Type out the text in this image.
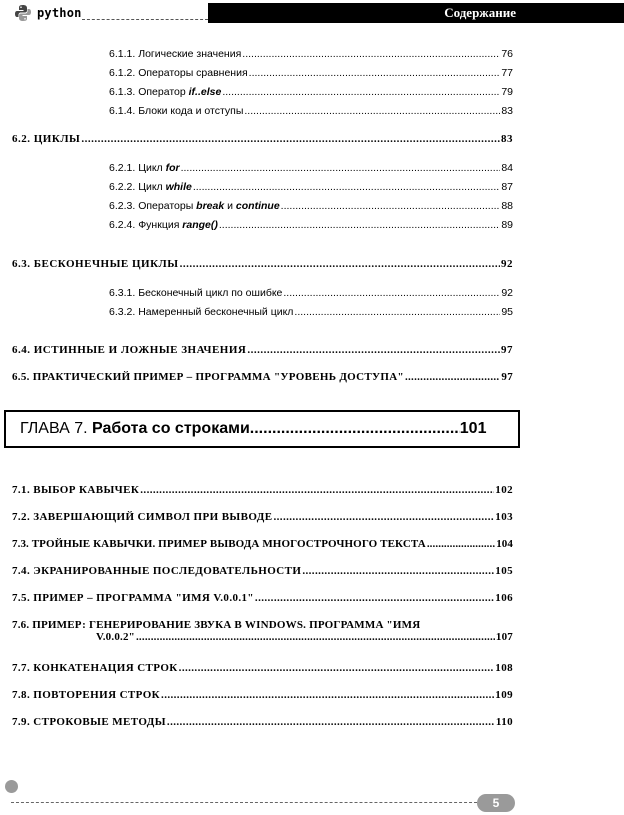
python	Содержание
6.1.1. Логические значения .....	76
6.1.2. Операторы сравнения .....	77
6.1.3. Оператор if..else .....	79
6.1.4. Блоки кода и отступы .....	83
6.2. ЦИКЛЫ .....	83
6.2.1. Цикл for .....	84
6.2.2. Цикл while .....	87
6.2.3. Операторы break и continue .....	88
6.2.4. Функция range() .....	89
6.3. БЕСКОНЕЧНЫЕ ЦИКЛЫ .....	92
6.3.1. Бесконечный цикл по ошибке .....	92
6.3.2. Намеренный бесконечный цикл .....	95
6.4. ИСТИННЫЕ И ЛОЖНЫЕ ЗНАЧЕНИЯ .....	97
6.5. ПРАКТИЧЕСКИЙ ПРИМЕР – ПРОГРАММА "УРОВЕНЬ ДОСТУПА" .....	97
ГЛАВА 7.
Работа со строками .....	101
7.1. ВЫБОР КАВЫЧЕК .....	102
7.2. ЗАВЕРШАЮЩИЙ СИМВОЛ ПРИ ВЫВОДЕ .....	103
7.3. ТРОЙНЫЕ КАВЫЧКИ. ПРИМЕР ВЫВОДА МНОГОСТРОЧНОГО ТЕКСТА .....	104
7.4. ЭКРАНИРОВАННЫЕ ПОСЛЕДОВАТЕЛЬНОСТИ .....	105
7.5. ПРИМЕР – ПРОГРАММА "ИМЯ V.0.0.1" .....	106
7.6. ПРИМЕР: ГЕНЕРИРОВАНИЕ ЗВУКА В WINDOWS. ПРОГРАММА "ИМЯ
V.0.0.2" .....	107
7.7. КОНКАТЕНАЦИЯ СТРОК .....	108
7.8. ПОВТОРЕНИЯ СТРОК .....	109
7.9. СТРОКОВЫЕ МЕТОДЫ .....	110
5
